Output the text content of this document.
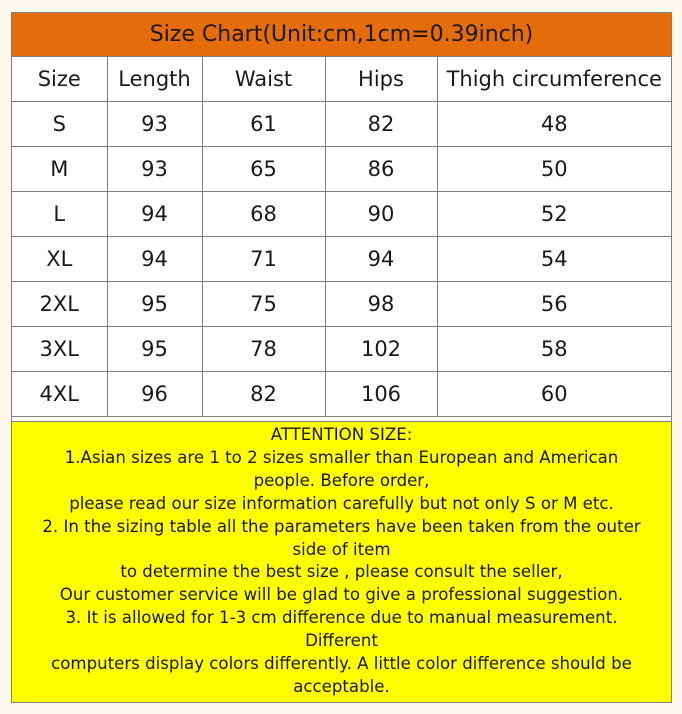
Size Chart(Unit:cm,1cm=0.39inch)
Size	Length	Waist	Hips	Thigh circumference
S	93	61	82	48
M	93	65	86	50
L	94	68	90	52
XL	94	71	94	54
2XL	95	75	98	56
3XL	95	78	102	58
4XL	96	82	106	60
ATTENTION SIZE:
1.Asian sizes are 1 to 2 sizes smaller than European and American
people. Before order,
please read our size information carefully but not only S or M etc.
2. In the sizing table all the parameters have been taken from the outer
side of item
to determine the best size , please consult the seller,
Our customer service will be glad to give a professional suggestion.
3. It is allowed for 1-3 cm difference due to manual measurement.
Different
computers display colors differently. A little color difference should be
acceptable.
